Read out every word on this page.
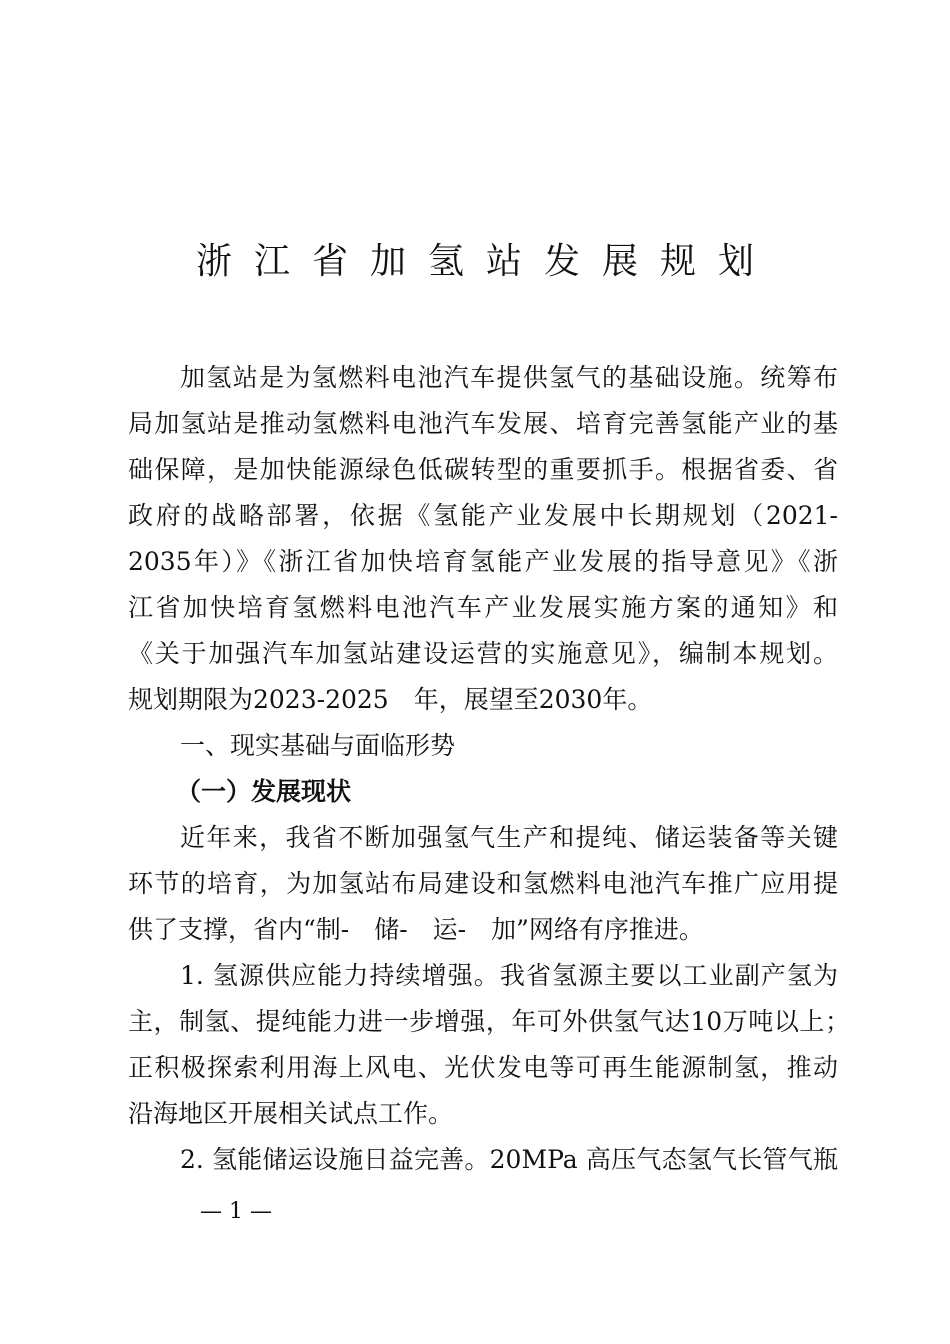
浙江省加氢站发展规划
加氢站是为氢燃料电池汽车提供氢气的基础设施。统筹布
局加氢站是推动氢燃料电池汽车发展、培育完善氢能产业的基
础保障，是加快能源绿色低碳转型的重要抓手。根据省委、省
政府的战略部署，依据《氢能产业发展中长期规划（2021-
2035年）》《浙江省加快培育氢能产业发展的指导意见》《浙
江省加快培育氢燃料电池汽车产业发展实施方案的通知》和
《关于加强汽车加氢站建设运营的实施意见》，编制本规划。
规划期限为2023-2025　年，展望至2030年。
一、现实基础与面临形势
（一）发展现状
近年来，我省不断加强氢气生产和提纯、储运装备等关键
环节的培育，为加氢站布局建设和氢燃料电池汽车推广应用提
供了支撑，省内“制-　储-　运-　加”网络有序推进。
1. 氢源供应能力持续增强。我省氢源主要以工业副产氢为
主，制氢、提纯能力进一步增强，年可外供氢气达10万吨以上；
正积极探索利用海上风电、光伏发电等可再生能源制氢，推动
沿海地区开展相关试点工作。
2. 氢能储运设施日益完善。20MPa 高压气态氢气长管气瓶
— 1 —
